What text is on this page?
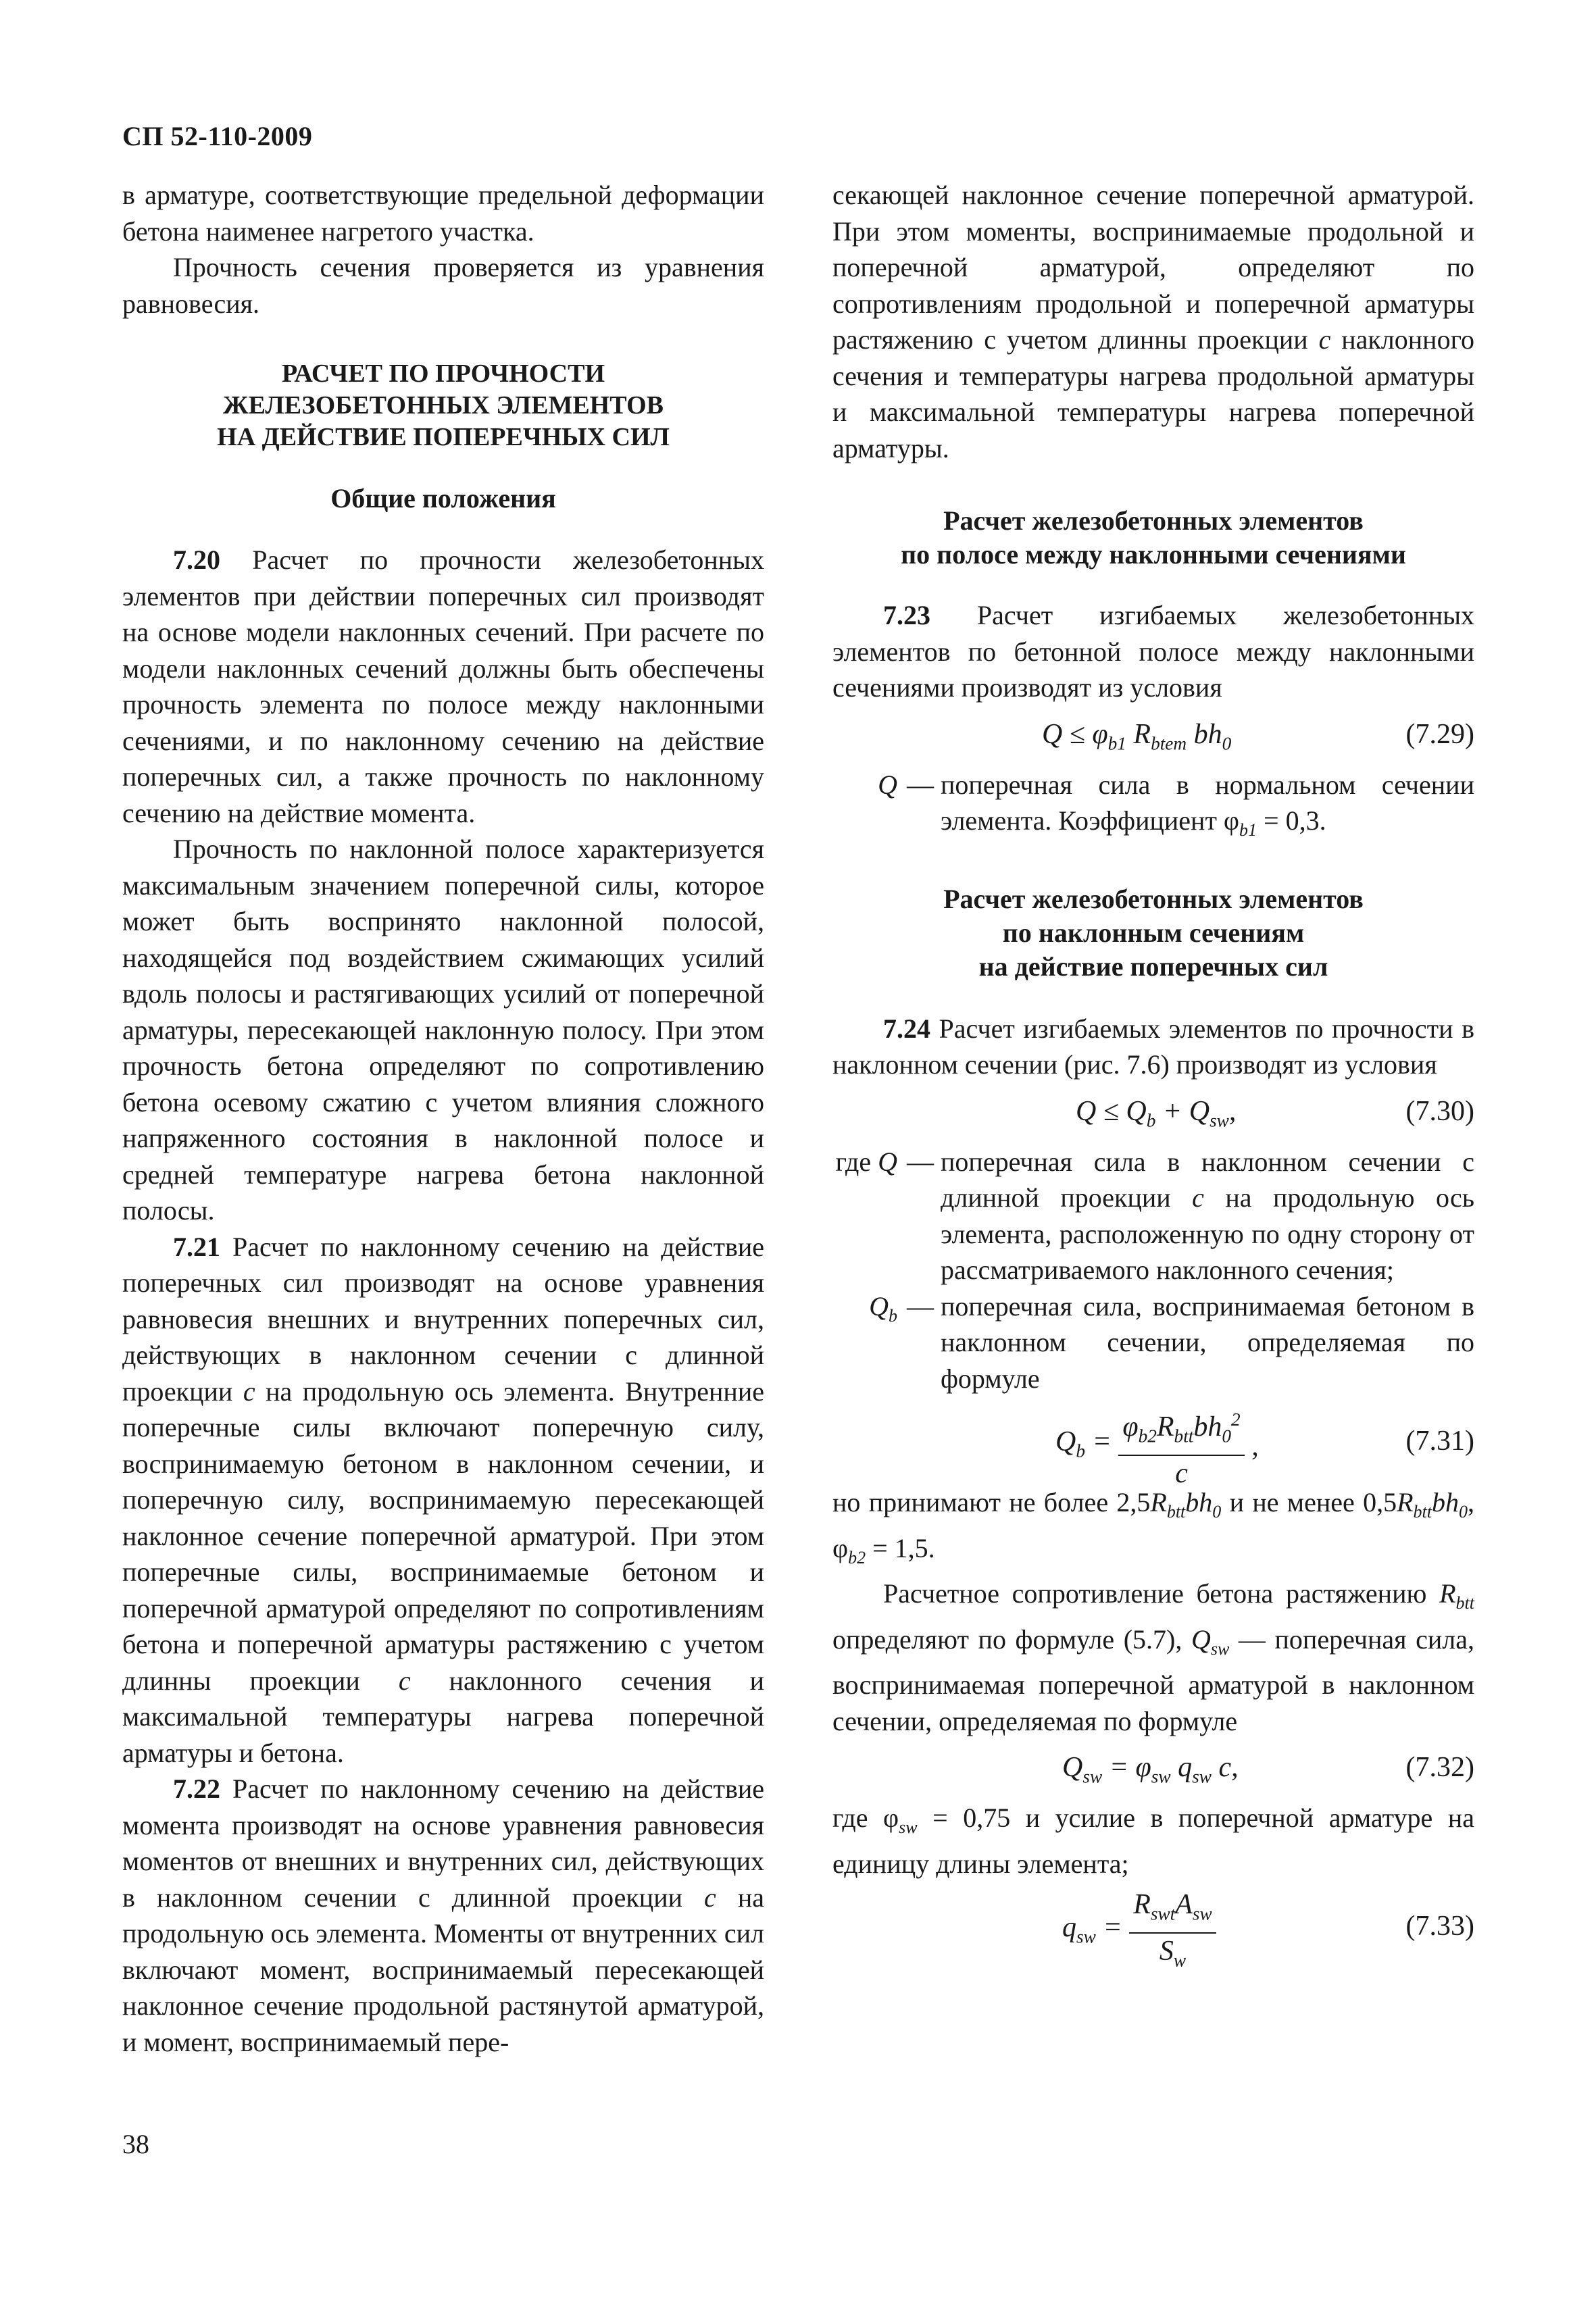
СП 52-110-2009

в арматуре, соответствующие предельной деформации бетона наименее нагретого участка.

Прочность сечения проверяется из уравнения равновесия.

РАСЧЕТ ПО ПРОЧНОСТИ
ЖЕЛЕЗОБЕТОННЫХ ЭЛЕМЕНТОВ
НА ДЕЙСТВИЕ ПОПЕРЕЧНЫХ СИЛ
Общие положения

7.20 Расчет по прочности железобетонных элементов при действии поперечных сил производят на основе модели наклонных сечений. При расчете по модели наклонных сечений должны быть обеспечены прочность элемента по полосе между наклонными сечениями, и по наклонному сечению на действие поперечных сил, а также прочность по наклонному сечению на действие момента.

Прочность по наклонной полосе характеризуется максимальным значением поперечной силы, которое может быть воспринято наклонной полосой, находящейся под воздействием сжимающих усилий вдоль полосы и растягивающих усилий от поперечной арматуры, пересекающей наклонную полосу. При этом прочность бетона определяют по сопротивлению бетона осевому сжатию с учетом влияния сложного напряженного состояния в наклонной полосе и средней температуре нагрева бетона наклонной полосы.

7.21 Расчет по наклонному сечению на действие поперечных сил производят на основе уравнения равновесия внешних и внутренних поперечных сил, действующих в наклонном сечении с длинной проекции c на продольную ось элемента. Внутренние поперечные силы включают поперечную силу, воспринимаемую бетоном в наклонном сечении, и поперечную силу, воспринимаемую пересекающей наклонное сечение поперечной арматурой. При этом поперечные силы, воспринимаемые бетоном и поперечной арматурой определяют по сопротивлениям бетона и поперечной арматуры растяжению с учетом длинны проекции c наклонного сечения и максимальной температуры нагрева поперечной арматуры и бетона.

7.22 Расчет по наклонному сечению на действие момента производят на основе уравнения равновесия моментов от внешних и внутренних сил, действующих в наклонном сечении с длинной проекции c на продольную ось элемента. Моменты от внутренних сил включают момент, воспринимаемый пересекающей наклонное сечение продольной растянутой арматурой, и момент, воспринимаемый пере-

секающей наклонное сечение поперечной арматурой. При этом моменты, воспринимаемые продольной и поперечной арматурой, определяют по сопротивлениям продольной и поперечной арматуры растяжению с учетом длинны проекции c наклонного сечения и температуры нагрева продольной арматуры и максимальной температуры нагрева поперечной арматуры.

Расчет железобетонных элементов
по полосе между наклонными сечениями

7.23 Расчет изгибаемых железобетонных элементов по бетонной полосе между наклонными сечениями производят из условия

$Q \le \varphi_{b1}$ $R_{btem}$ $bh_0$	(7.29)
Q — поперечная сила в нормальном сечении элемента. Коэффициент $\varphi_{b1} = 0,3$.
Расчет железобетонных элементов
по наклонным сечениям
на действие поперечных сил

7.24 Расчет изгибаемых элементов по прочности в наклонном сечении (рис. 7.6) производят из условия

$Q \le Q_b + Q_{sw}$,	(7.30)
где Q — поперечная сила в наклонном сечении с длинной проекции c на продольную ось элемента, расположенную по одну сторону от рассматриваемого наклонного сечения;
$Q_b$ — поперечная сила, воспринимаемая бетоном в наклонном сечении, определяемая по формуле
$Q_b = \frac{\varphi_{b2}R_{btt}bh_0^2}{c}$ ,	(7.31)

но принимают не более $2,5R_{btt}bh_0$ и не менее $0,5R_{btt}bh_0$, $\varphi_{b2} = 1,5$.

Расчетное сопротивление бетона растяжению $R_{btt}$ определяют по формуле (5.7), $Q_{sw}$ — поперечная сила, воспринимаемая поперечной арматурой в наклонном сечении, определяемая по формуле

$Q_{sw} = \varphi_{sw}$ $q_{sw}$ c,	(7.32)

где $\varphi_{sw} = 0,75$ и усилие в поперечной арматуре на единицу длины элемента;

$q_{sw} = \frac{R_{swt}A_{sw}}{S_w}$	(7.33)
38
